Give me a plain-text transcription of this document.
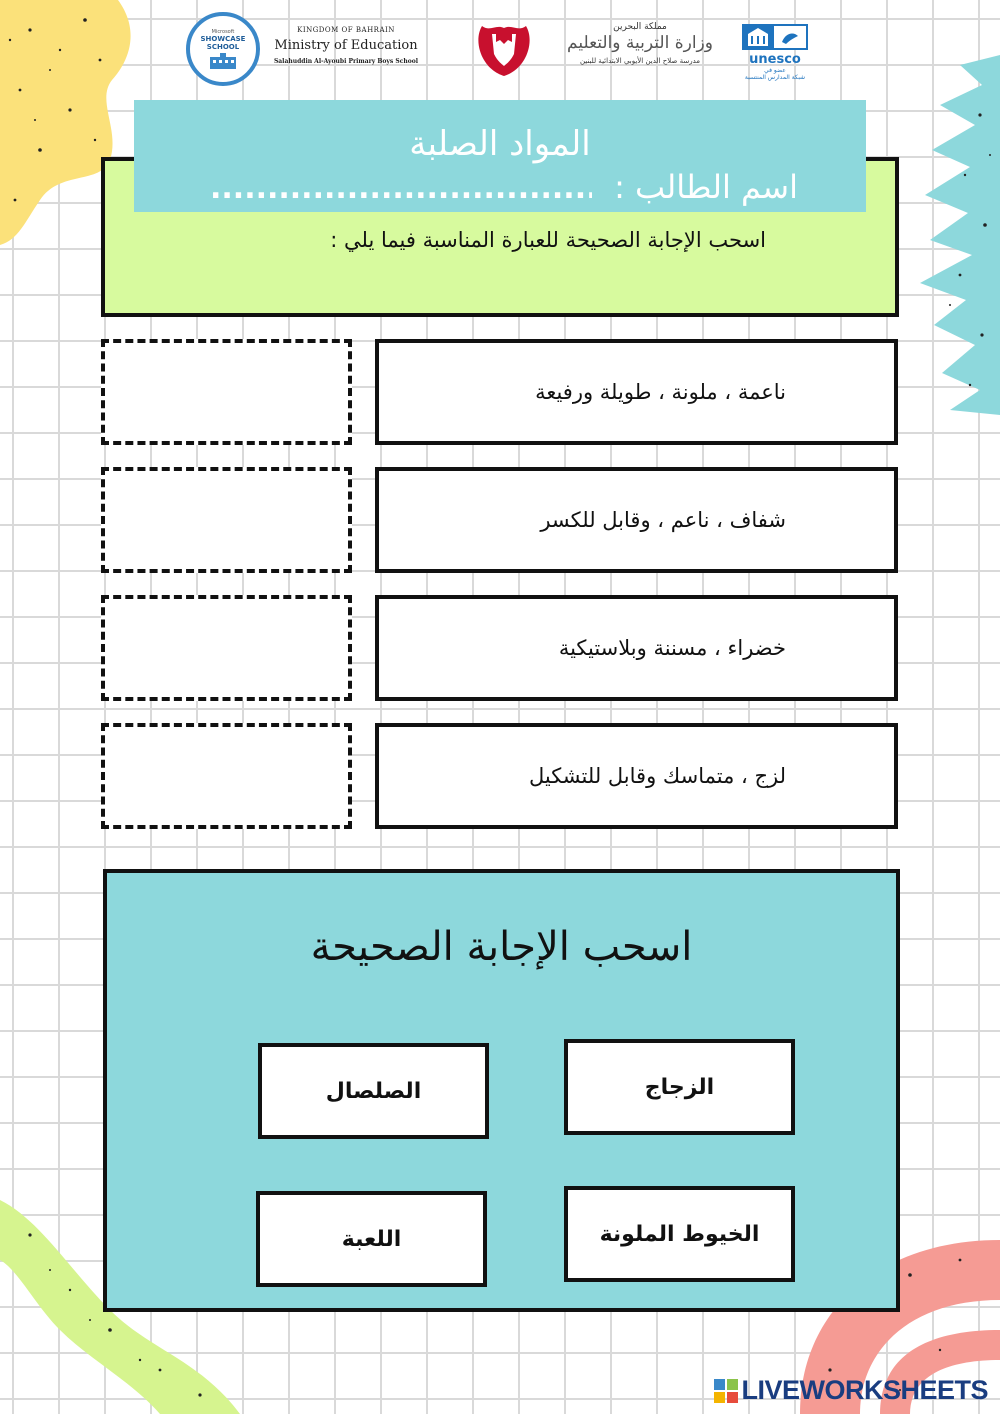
Microsoft
SHOWCASE
SCHOOL
KINGDOM OF BAHRAIN
Ministry of Education
Salahuddin Al-Ayoubi Primary Boys School
مملكة البحرين
وزارة التربية والتعليم
مدرسة صلاح الدين الأيوبي الابتدائية للبنين	unesco
عضو في
شبكة المدارس المنتسبة
المواد الصلبة
اسم الطالب :
....................................................
اسحب الإجابة الصحيحة للعبارة المناسبة فيما يلي :
ناعمة ، ملونة ، طويلة ورفيعة
شفاف ، ناعم ، وقابل للكسر
خضراء ، مسننة وبلاستيكية
لزج ، متماسك وقابل للتشكيل
اسحب الإجابة الصحيحة
الزجاج
الصلصال
الخيوط الملونة
اللعبة
LIVEWORKSHEETS
